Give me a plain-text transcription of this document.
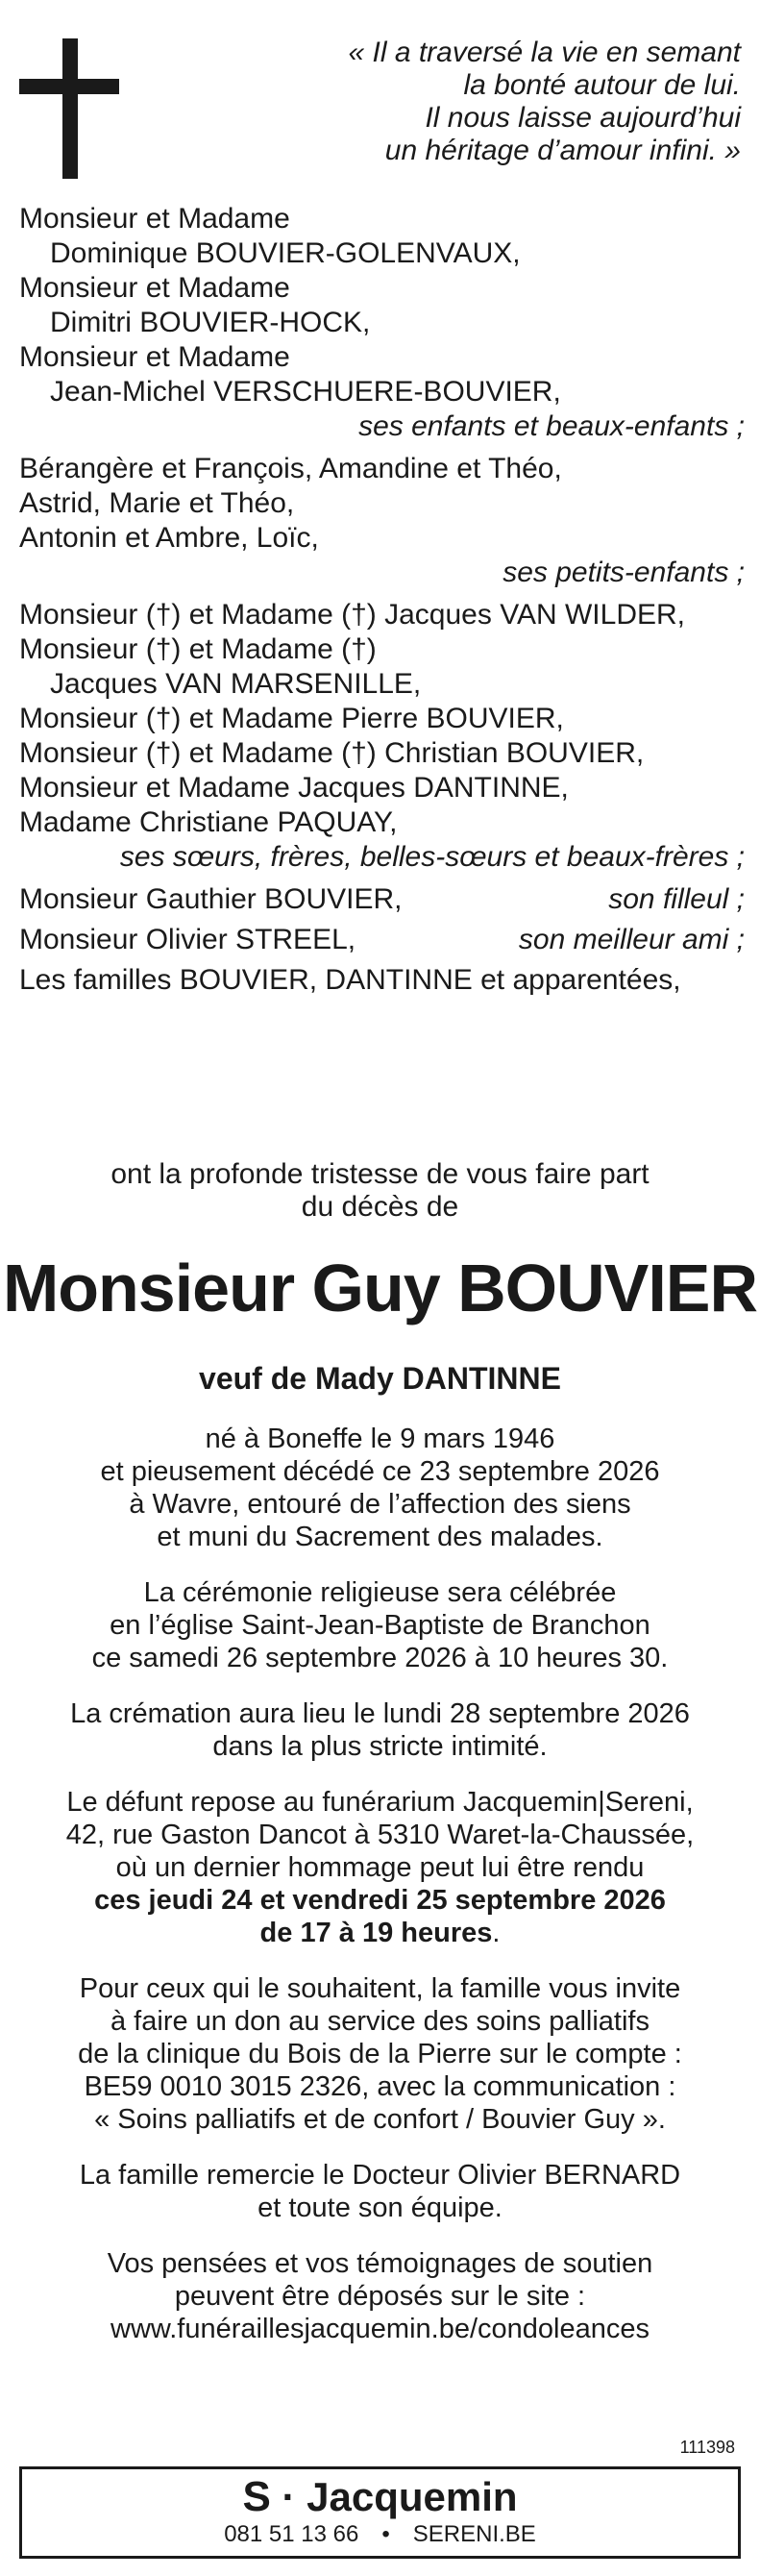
« Il a traversé la vie en semant
la bonté autour de lui.
Il nous laisse aujourd’hui
un héritage d’amour infini. »
Monsieur et Madame
Dominique BOUVIER-GOLENVAUX,
Monsieur et Madame
Dimitri BOUVIER-HOCK,
Monsieur et Madame
Jean-Michel VERSCHUERE-BOUVIER,
ses enfants et beaux-enfants ;
Bérangère et François, Amandine et Théo,
Astrid, Marie et Théo,
Antonin et Ambre, Loïc,
ses petits-enfants ;
Monsieur (†) et Madame (†) Jacques VAN WILDER,
Monsieur (†) et Madame (†)
Jacques VAN MARSENILLE,
Monsieur (†) et Madame Pierre BOUVIER,
Monsieur (†) et Madame (†) Christian BOUVIER,
Monsieur et Madame Jacques DANTINNE,
Madame Christiane PAQUAY,
ses sœurs, frères, belles-sœurs et beaux-frères ;
Monsieur Gauthier BOUVIER,	son filleul ;
Monsieur Olivier STREEL,	son meilleur ami ;
Les familles BOUVIER, DANTINNE et apparentées,
ont la profonde tristesse de vous faire part
du décès de
Monsieur Guy BOUVIER
veuf de Mady DANTINNE

né à Boneffe le 9 mars 1946
et pieusement décédé ce 23 septembre 2026
à Wavre, entouré de l’affection des siens
et muni du Sacrement des malades.

La cérémonie religieuse sera célébrée
en l’église Saint-Jean-Baptiste de Branchon
ce samedi 26 septembre 2026 à 10 heures 30.

La crémation aura lieu le lundi 28 septembre 2026
dans la plus stricte intimité.

Le défunt repose au funérarium Jacquemin|Sereni,
42, rue Gaston Dancot à 5310 Waret-la-Chaussée,
où un dernier hommage peut lui être rendu
ces jeudi 24 et vendredi 25 septembre 2026
de 17 à 19 heures.

Pour ceux qui le souhaitent, la famille vous invite
à faire un don au service des soins palliatifs
de la clinique du Bois de la Pierre sur le compte :
BE59 0010 3015 2326, avec la communication :
« Soins palliatifs et de confort / Bouvier Guy ».

La famille remercie le Docteur Olivier BERNARD
et toute son équipe.

Vos pensées et vos témoignages de soutien
peuvent être déposés sur le site :
www.funéraillesjacquemin.be/condoleances

111398
S · Jacquemin
081 51 13 66 • SERENI.BE
